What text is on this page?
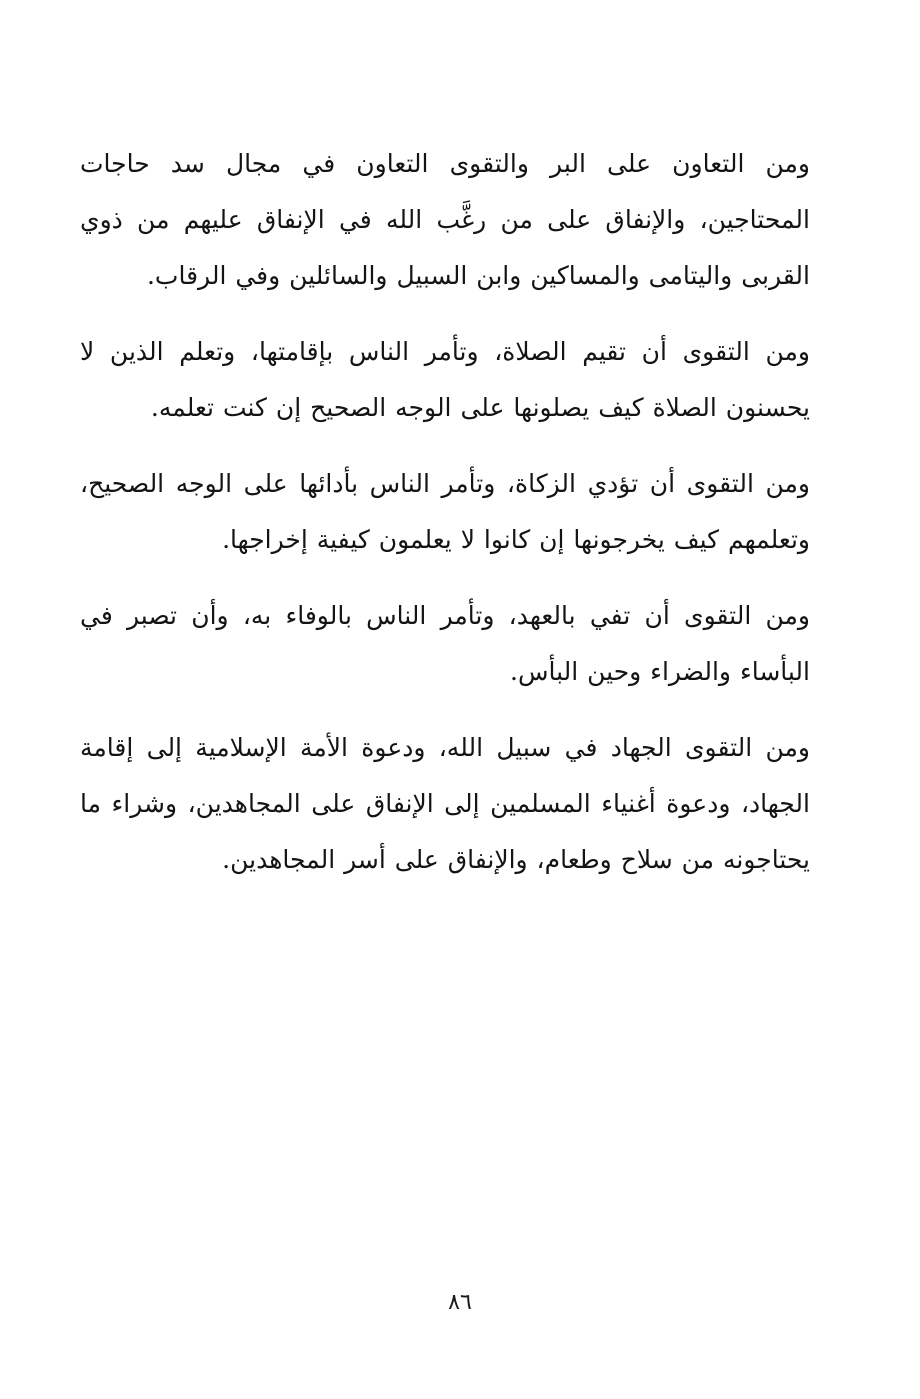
ومن التعاون على البر والتقوى التعاون في مجال سد حاجات المحتاجين، والإنفاق على من رغَّب الله في الإنفاق عليهم من ذوي القربى واليتامى والمساكين وابن السبيل والسائلين وفي الرقاب.

ومن التقوى أن تقيم الصلاة، وتأمر الناس بإقامتها، وتعلم الذين لا يحسنون الصلاة كيف يصلونها على الوجه الصحيح إن كنت تعلمه.

ومن التقوى أن تؤدي الزكاة، وتأمر الناس بأدائها على الوجه الصحيح، وتعلمهم كيف يخرجونها إن كانوا لا يعلمون كيفية إخراجها.

ومن التقوى أن تفي بالعهد، وتأمر الناس بالوفاء به، وأن تصبر في البأساء والضراء وحين البأس.

ومن التقوى الجهاد في سبيل الله، ودعوة الأمة الإسلامية إلى إقامة الجهاد، ودعوة أغنياء المسلمين إلى الإنفاق على المجاهدين، وشراء ما يحتاجونه من سلاح وطعام، والإنفاق على أسر المجاهدين.

٨٦
